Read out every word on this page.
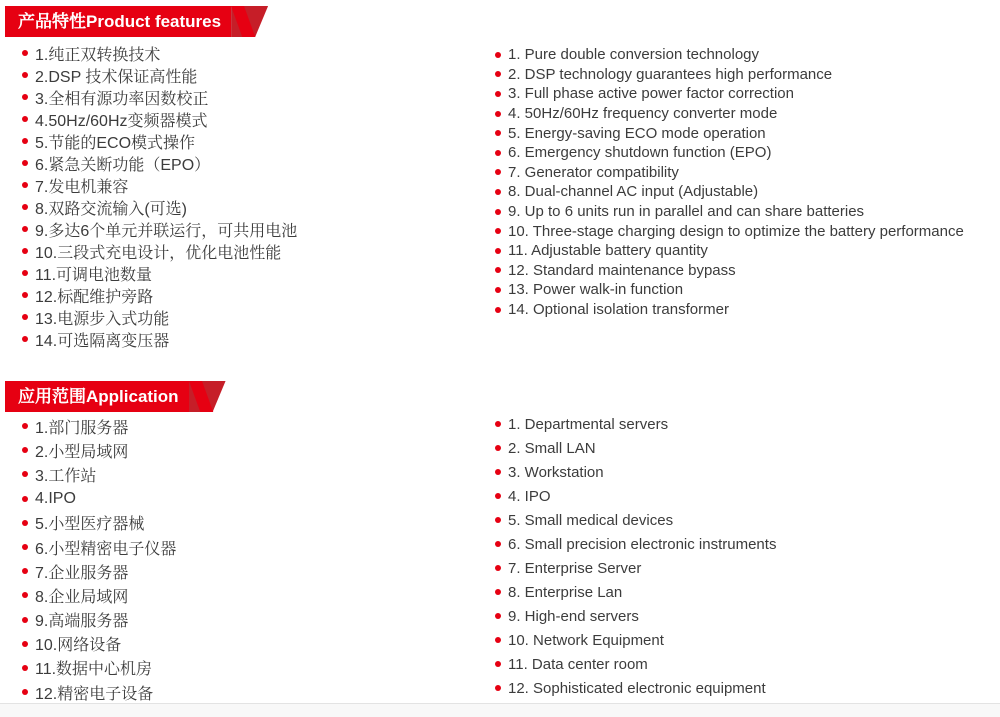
产品特性Product features
1.纯正双转换技术
2.DSP 技术保证高性能
3.全相有源功率因数校正
4.50Hz/60Hz变频器模式
5.节能的ECO模式操作
6.紧急关断功能（EPO）
7.发电机兼容
8.双路交流输入(可选)
9.多达6个单元并联运行，可共用电池
10.三段式充电设计，优化电池性能
11.可调电池数量
12.标配维护旁路
13.电源步入式功能
14.可选隔离变压器
1. Pure double conversion technology
2. DSP technology guarantees high performance
3. Full phase active power factor correction
4. 50Hz/60Hz frequency converter mode
5. Energy-saving ECO mode operation
6. Emergency shutdown function (EPO)
7. Generator compatibility
8. Dual-channel AC input (Adjustable)
9. Up to 6 units run in parallel and can share batteries
10. Three-stage charging design to optimize the battery performance
11. Adjustable battery quantity
12. Standard maintenance bypass
13. Power walk-in function
14. Optional isolation transformer
应用范围Application
1.部门服务器
2.小型局域网
3.工作站
4.IPO
5.小型医疗器械
6.小型精密电子仪器
7.企业服务器
8.企业局域网
9.高端服务器
10.网络设备
11.数据中心机房
12.精密电子设备
1. Departmental servers
2. Small LAN
3. Workstation
4. IPO
5. Small medical devices
6. Small precision electronic instruments
7. Enterprise Server
8. Enterprise Lan
9. High-end servers
10. Network Equipment
11. Data center room
12. Sophisticated electronic equipment
